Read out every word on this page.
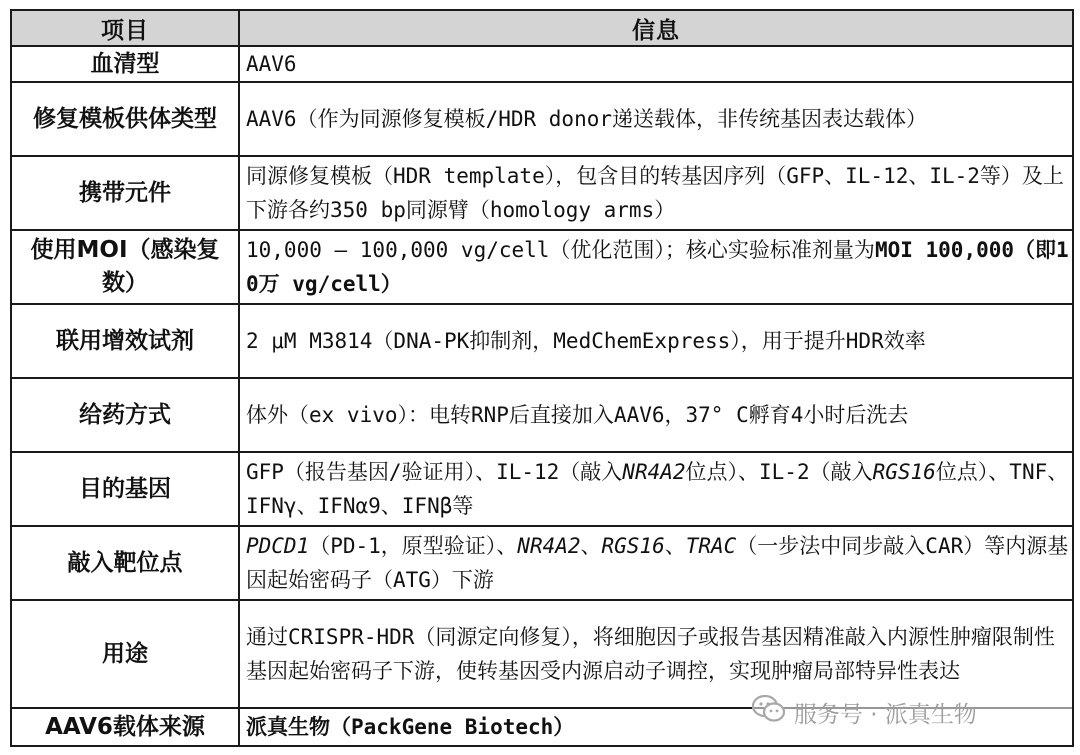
项目	信息
血清型	AAV6
修复模板供体类型	AAV6（作为同源修复模板/HDR donor递送载体，非传统基因表达载体）
携带元件	同源修复模板（HDR template），包含目的转基因序列（GFP、IL-12、IL-2等）及上下游各约350 bp同源臂（homology arms）
使用MOI（感染复数）	10,000 – 100,000 vg/cell（优化范围）；核心实验标准剂量为MOI 100,000（即10万 vg/cell）
联用增效试剂	2 μM M3814（DNA-PK抑制剂，MedChemExpress），用于提升HDR效率
给药方式	体外（ex vivo）：电转RNP后直接加入AAV6，37° C孵育4小时后洗去
目的基因	GFP（报告基因/验证用）、IL-12（敲入NR4A2位点）、IL-2（敲入RGS16位点）、TNF、IFNγ、IFNα9、IFNβ等
敲入靶位点	PDCD1（PD-1，原型验证）、NR4A2、RGS16、TRAC（一步法中同步敲入CAR）等内源基因起始密码子（ATG）下游
用途	通过CRISPR-HDR（同源定向修复），将细胞因子或报告基因精准敲入内源性肿瘤限制性基因起始密码子下游，使转基因受内源启动子调控，实现肿瘤局部特异性表达
AAV6载体来源	派真生物（PackGene Biotech）	服务号 · 派真生物
